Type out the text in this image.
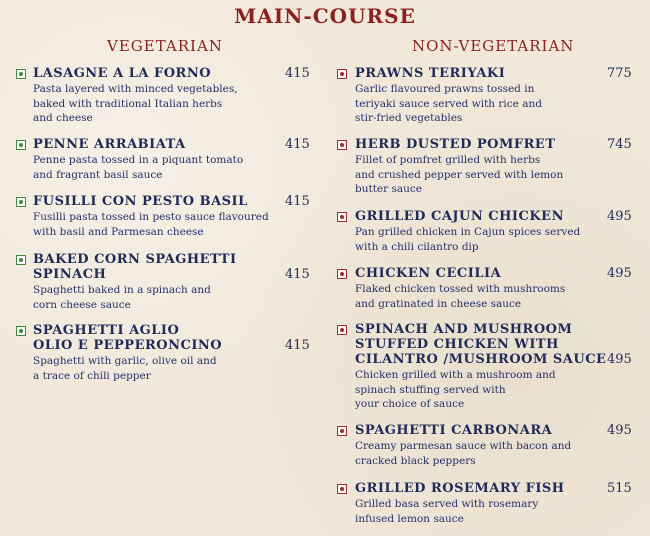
MAIN-COURSE
VEGETARIAN	NON-VEGETARIAN
LASAGNE A LA FORNO	415
Pasta layered with minced vegetables,
baked with traditional Italian herbs
and cheese
PENNE ARRABIATA	415
Penne pasta tossed in a piquant tomato
and fragrant basil sauce
FUSILLI CON PESTO BASIL	415
Fusilli pasta tossed in pesto sauce flavoured
with basil and Parmesan cheese
BAKED CORN SPAGHETTI
SPINACH	415
Spaghetti baked in a spinach and
corn cheese sauce
SPAGHETTI AGLIO
OLIO E PEPPERONCINO	415
Spaghetti with garlic, olive oil and
a trace of chili pepper
PRAWNS TERIYAKI	775
Garlic flavoured prawns tossed in
teriyaki sauce served with rice and
stir-fried vegetables
HERB DUSTED POMFRET	745
Fillet of pomfret grilled with herbs
and crushed pepper served with lemon
butter sauce
GRILLED CAJUN CHICKEN	495
Pan grilled chicken in Cajun spices served
with a chili cilantro dip
CHICKEN CECILIA	495
Flaked chicken tossed with mushrooms
and gratinated in cheese sauce
SPINACH AND MUSHROOM
STUFFED CHICKEN WITH
CILANTRO /MUSHROOM SAUCE 495
Chicken grilled with a mushroom and
spinach stuffing served with
your choice of sauce
SPAGHETTI CARBONARA	495
Creamy parmesan sauce with bacon and
cracked black peppers
GRILLED ROSEMARY FISH	515
Grilled basa served with rosemary
infused lemon sauce
